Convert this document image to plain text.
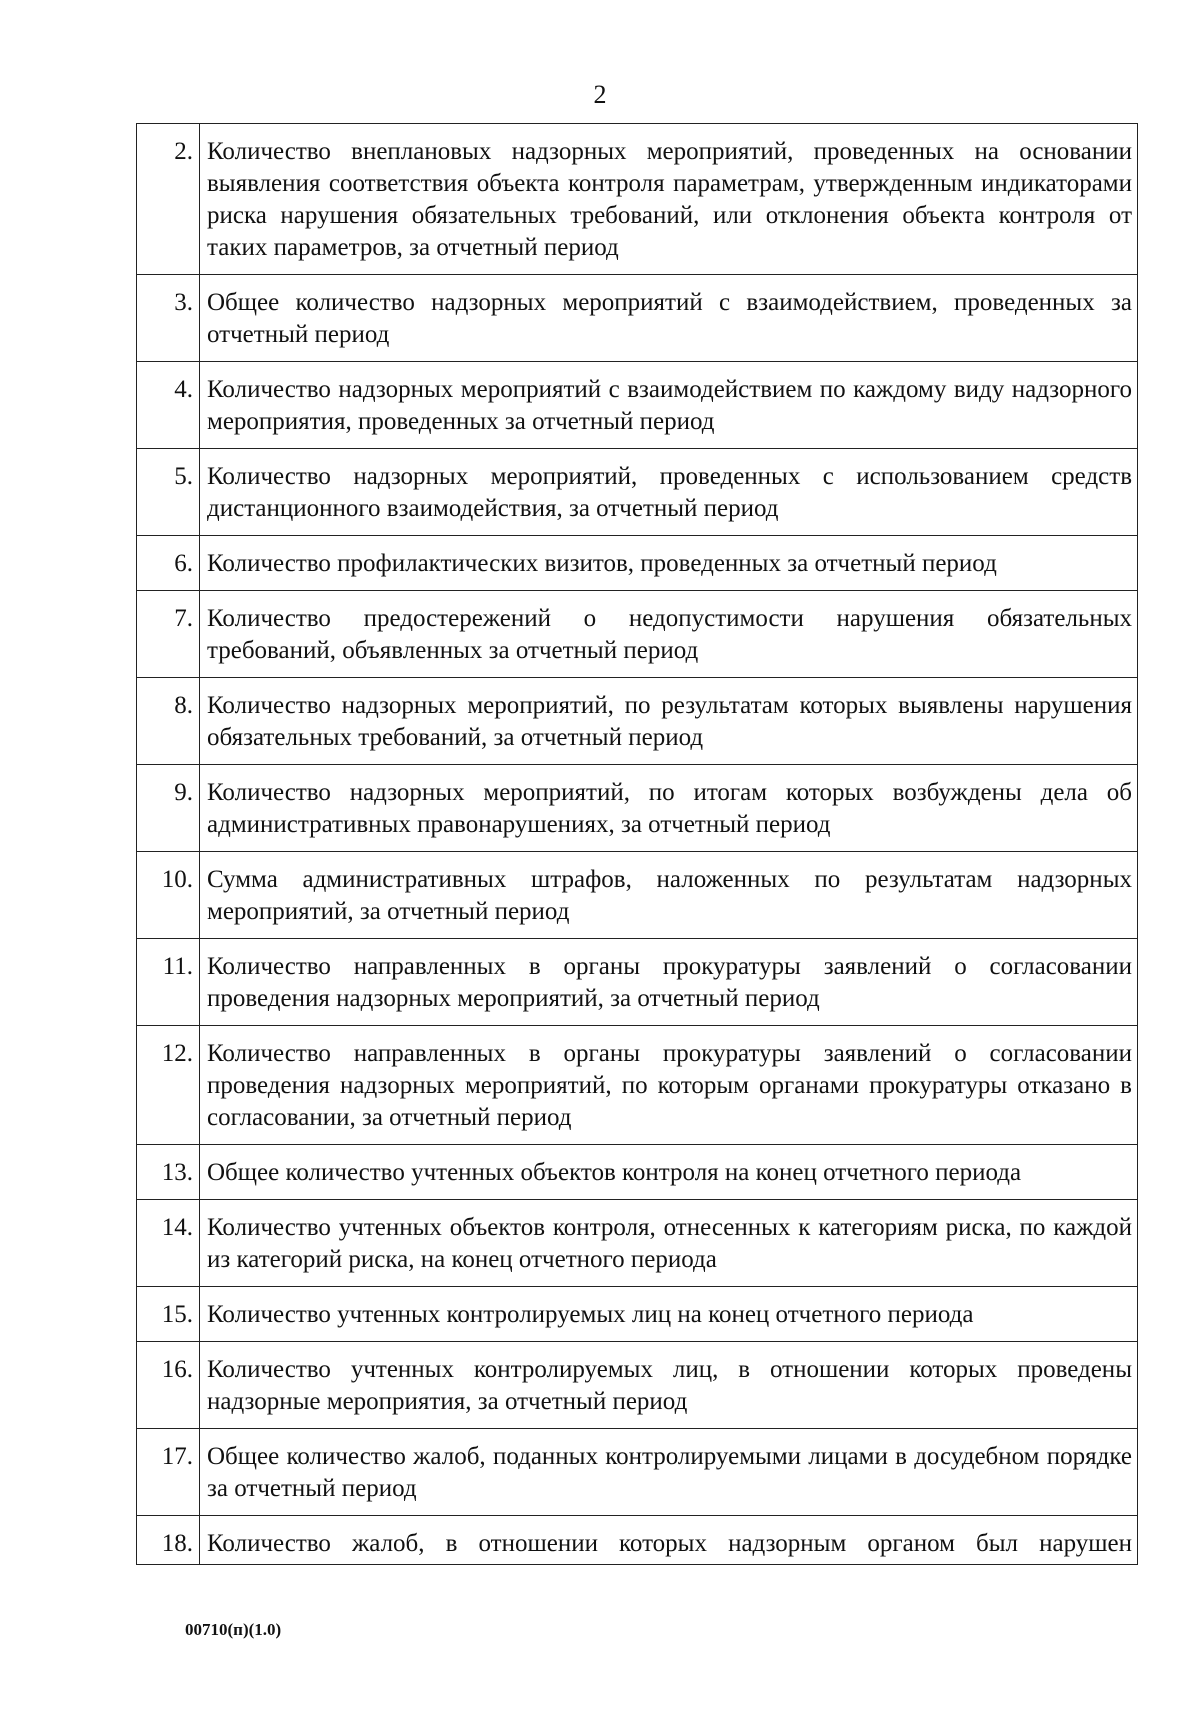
2
2.	Количество внеплановых надзорных мероприятий, проведенных на основании выявления соответствия объекта контроля параметрам, утвержденным индикаторами риска нарушения обязательных требований, или отклонения объекта контроля от таких параметров, за отчетный период
3.	Общее количество надзорных мероприятий с взаимодействием, проведенных за отчетный период
4.	Количество надзорных мероприятий с взаимодействием по каждому виду надзорного мероприятия, проведенных за отчетный период
5.	Количество надзорных мероприятий, проведенных с использованием средств дистанционного взаимодействия, за отчетный период
6.	Количество профилактических визитов, проведенных за отчетный период
7.	Количество предостережений о недопустимости нарушения обязательных требований, объявленных за отчетный период
8.	Количество надзорных мероприятий, по результатам которых выявлены нарушения обязательных требований, за отчетный период
9.	Количество надзорных мероприятий, по итогам которых возбуждены дела об административных правонарушениях, за отчетный период
10.	Сумма административных штрафов, наложенных по результатам надзорных мероприятий, за отчетный период
11.	Количество направленных в органы прокуратуры заявлений о согласовании проведения надзорных мероприятий, за отчетный период
12.	Количество направленных в органы прокуратуры заявлений о согласовании проведения надзорных мероприятий, по которым органами прокуратуры отказано в согласовании, за отчетный период
13.	Общее количество учтенных объектов контроля на конец отчетного периода
14.	Количество учтенных объектов контроля, отнесенных к категориям риска, по каждой из категорий риска, на конец отчетного периода
15.	Количество учтенных контролируемых лиц на конец отчетного периода
16.	Количество учтенных контролируемых лиц, в отношении которых проведены надзорные мероприятия, за отчетный период
17.	Общее количество жалоб, поданных контролируемыми лицами в досудебном порядке за отчетный период
18.	Количество жалоб, в отношении которых надзорным органом был нарушен
00710(п)(1.0)
